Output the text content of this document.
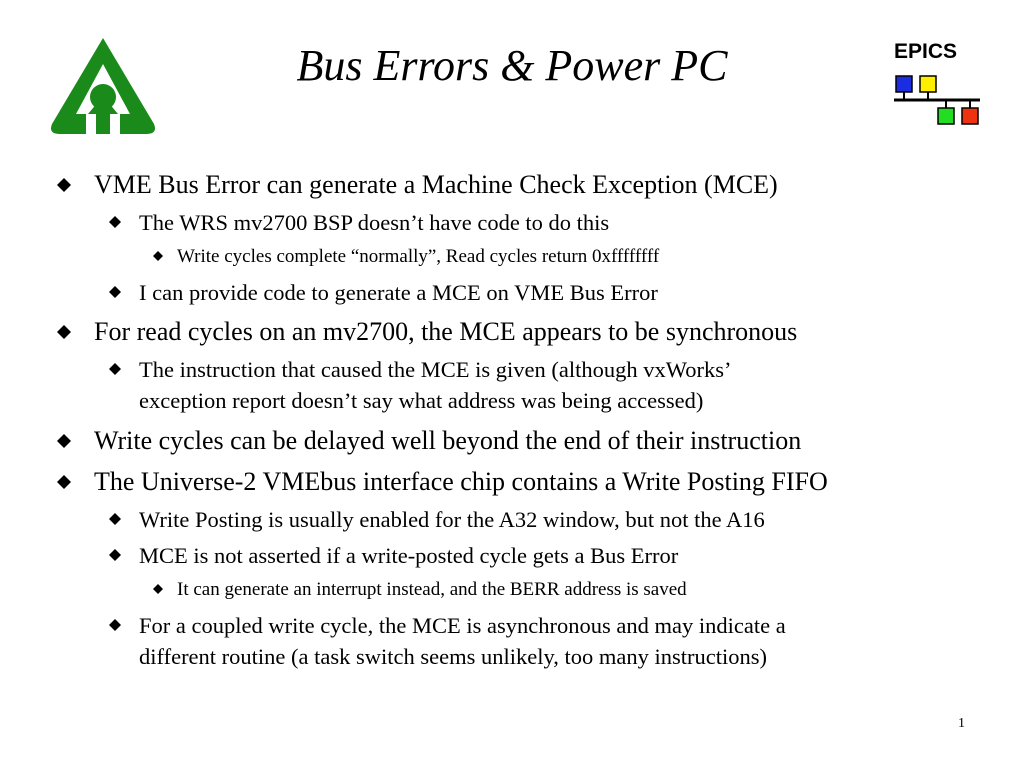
Bus Errors & Power PC	EPICS
VME Bus Error can generate a Machine Check Exception (MCE)
The WRS mv2700 BSP doesn’t have code to do this
Write cycles complete “normally”, Read cycles return 0xffffffff
I can provide code to generate a MCE on VME Bus Error
For read cycles on an mv2700, the MCE appears to be synchronous
The instruction that caused the MCE is given (although vxWorks’
exception report doesn’t say what address was being accessed)
Write cycles can be delayed well beyond the end of their instruction
The Universe-2 VMEbus interface chip contains a Write Posting FIFO
Write Posting is usually enabled for the A32 window, but not the A16
MCE is not asserted if a write-posted cycle gets a Bus Error
It can generate an interrupt instead, and the BERR address is saved
For a coupled write cycle, the MCE is asynchronous and may indicate a
different routine (a task switch seems unlikely, too many instructions)
1
